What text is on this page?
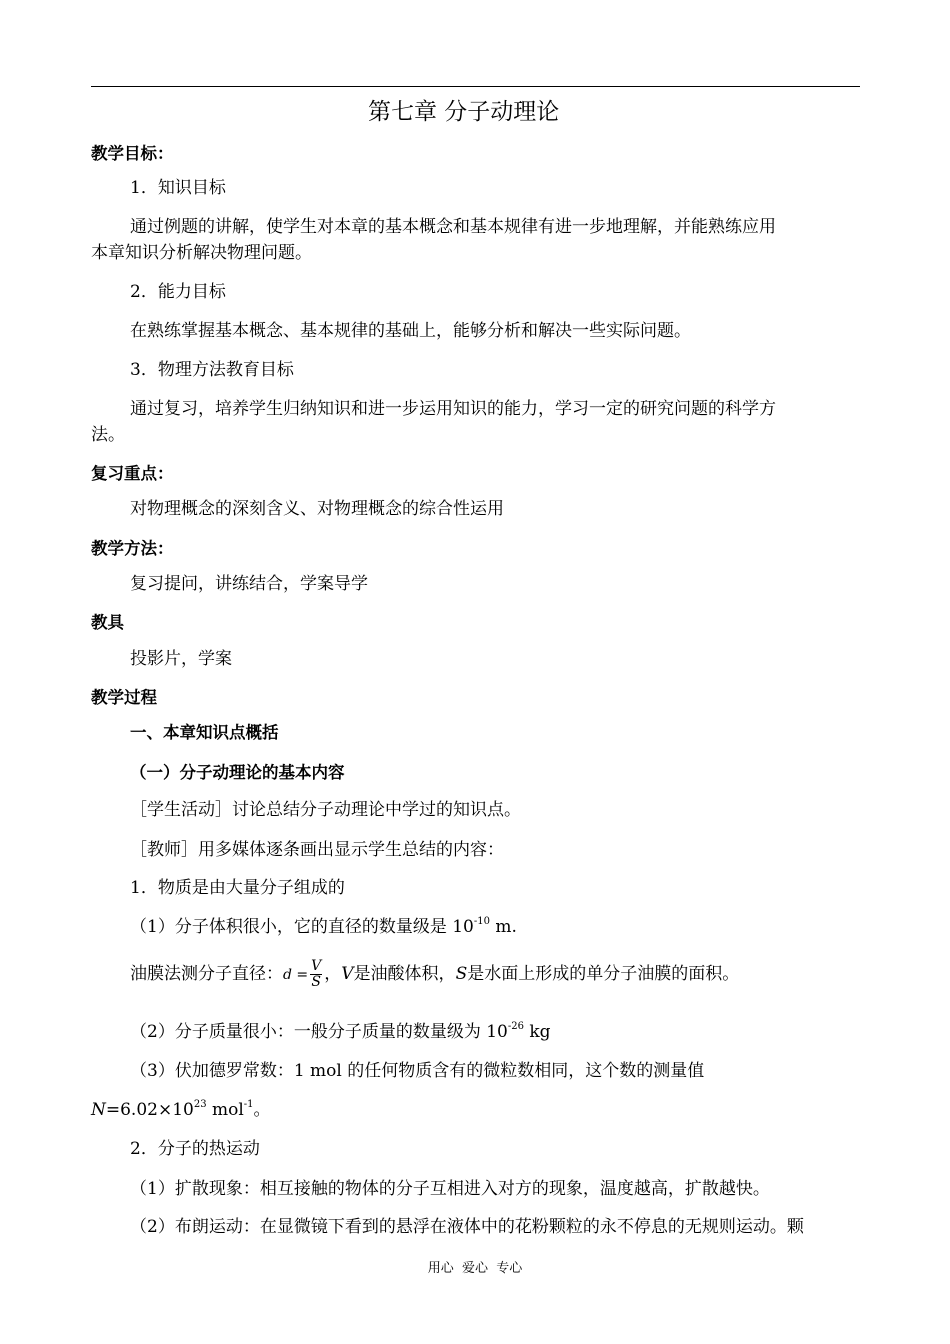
第七章 分子动理论
教学目标：
1．知识目标
通过例题的讲解，使学生对本章的基本概念和基本规律有进一步地理解，并能熟练应用
本章知识分析解决物理问题。
2．能力目标
在熟练掌握基本概念、基本规律的基础上，能够分析和解决一些实际问题。
3．物理方法教育目标
通过复习，培养学生归纳知识和进一步运用知识的能力，学习一定的研究问题的科学方
法。
复习重点：
对物理概念的深刻含义、对物理概念的综合性运用
教学方法：
复习提问，讲练结合，学案导学
教具
投影片，学案
教学过程
一、本章知识点概括
（一）分子动理论的基本内容
［学生活动］讨论总结分子动理论中学过的知识点。
［教师］用多媒体逐条画出显示学生总结的内容：
1．物质是由大量分子组成的
（1）分子体积很小，它的直径的数量级是 $10^{-10}$ m.
油膜法测分子直径：$d = \frac{V}{S}$ ，V是油酸体积，S是水面上形成的单分子油膜的面积。
（2）分子质量很小：一般分子质量的数量级为 $10^{-26}$ kg
（3）伏加德罗常数：1 mol 的任何物质含有的微粒数相同，这个数的测量值
$N=6.02\times 10^{23}$ mol$^{-1}$。
2．分子的热运动
（1）扩散现象：相互接触的物体的分子互相进入对方的现象，温度越高，扩散越快。
（2）布朗运动：在显微镜下看到的悬浮在液体中的花粉颗粒的永不停息的无规则运动。颗
用心  爱心  专心
